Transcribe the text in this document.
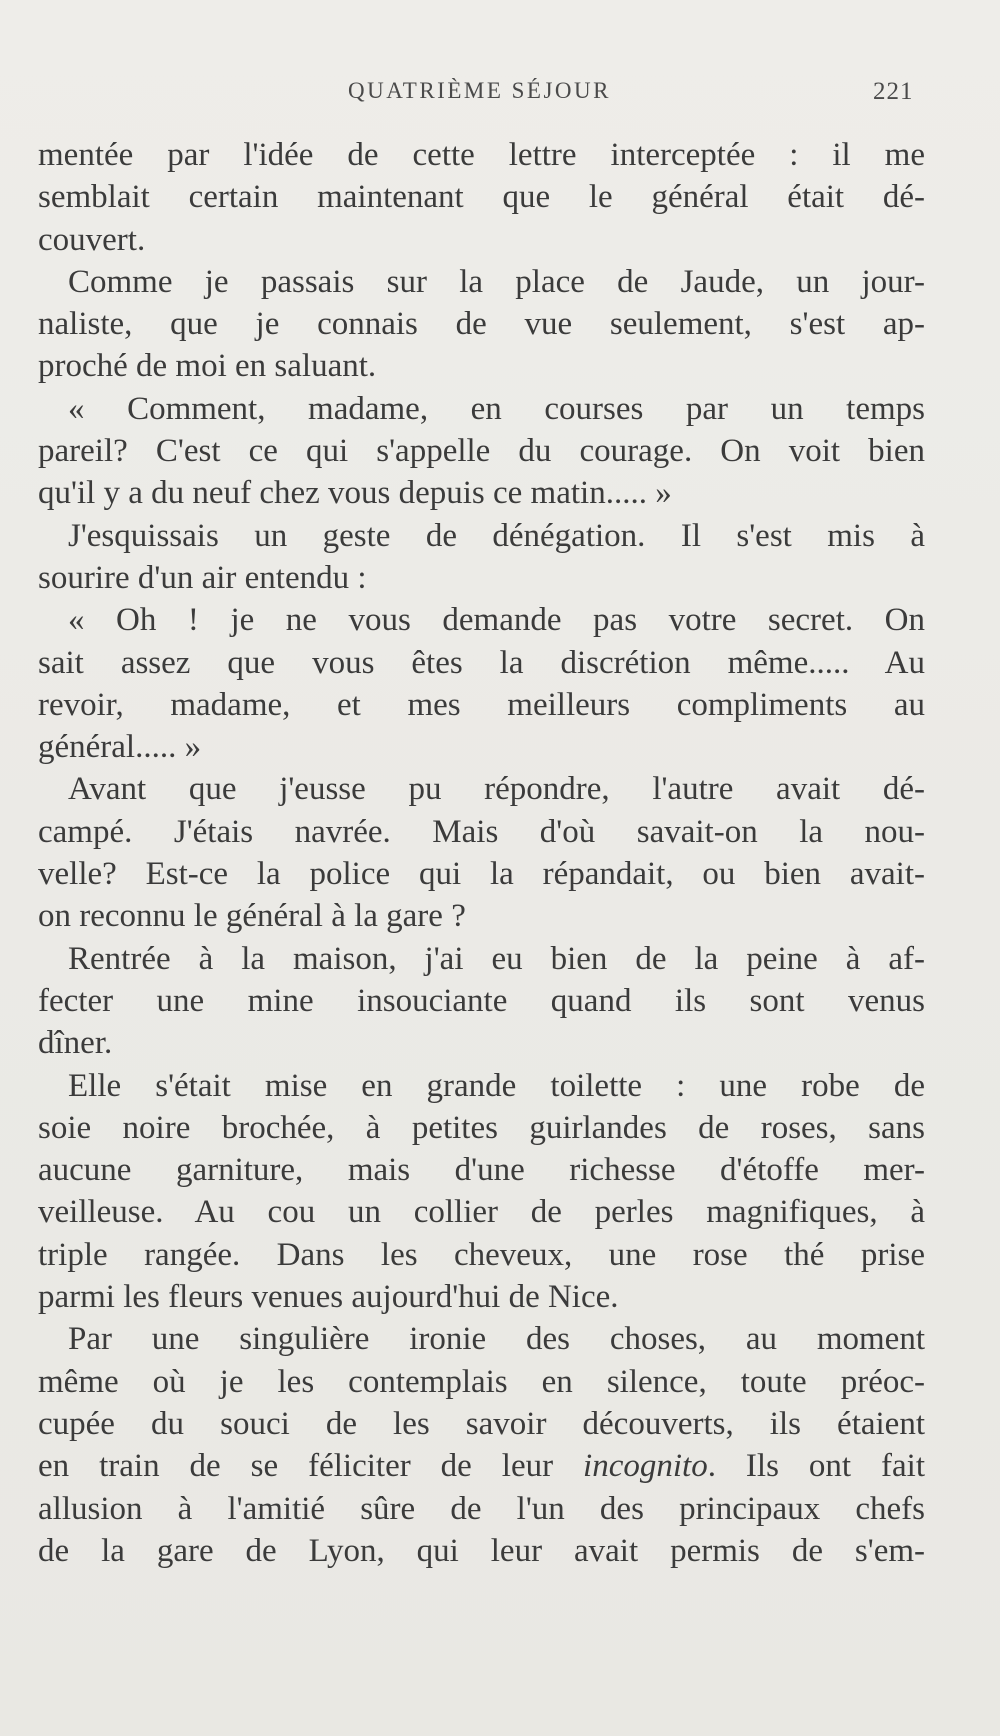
QUATRIÈME SÉJOUR	221
mentée par l'idée de cette lettre interceptée : il me
semblait certain maintenant que le général était dé-
couvert.
Comme je passais sur la place de Jaude, un jour-
naliste, que je connais de vue seulement, s'est ap-
proché de moi en saluant.
« Comment, madame, en courses par un temps
pareil? C'est ce qui s'appelle du courage. On voit bien
qu'il y a du neuf chez vous depuis ce matin..... »
J'esquissais un geste de dénégation. Il s'est mis à
sourire d'un air entendu :
« Oh ! je ne vous demande pas votre secret. On
sait assez que vous êtes la discrétion même..... Au
revoir, madame, et mes meilleurs compliments au
général..... »
Avant que j'eusse pu répondre, l'autre avait dé-
campé. J'étais navrée. Mais d'où savait-on la nou-
velle? Est-ce la police qui la répandait, ou bien avait-
on reconnu le général à la gare ?
Rentrée à la maison, j'ai eu bien de la peine à af-
fecter une mine insouciante quand ils sont venus
dîner.
Elle s'était mise en grande toilette : une robe de
soie noire brochée, à petites guirlandes de roses, sans
aucune garniture, mais d'une richesse d'étoffe mer-
veilleuse. Au cou un collier de perles magnifiques, à
triple rangée. Dans les cheveux, une rose thé prise
parmi les fleurs venues aujourd'hui de Nice.
Par une singulière ironie des choses, au moment
même où je les contemplais en silence, toute préoc-
cupée du souci de les savoir découverts, ils étaient
en train de se féliciter de leur incognito. Ils ont fait
allusion à l'amitié sûre de l'un des principaux chefs
de la gare de Lyon, qui leur avait permis de s'em-
